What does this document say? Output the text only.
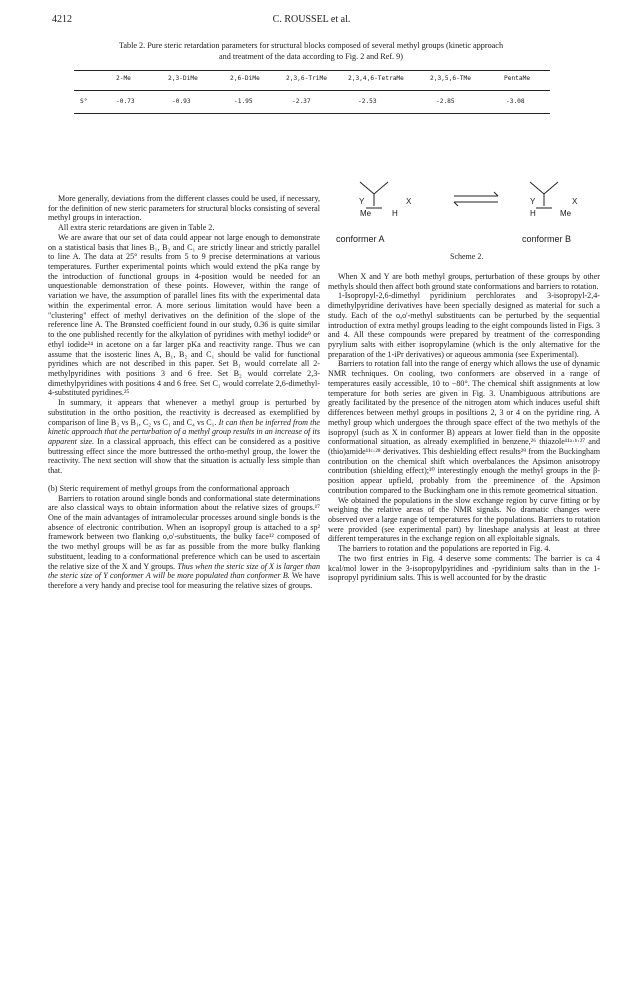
4212	C. ROUSSEL et al.
Table 2. Pure steric retardation parameters for structural blocks composed of several methyl groups (kinetic approach
and treatment of the data according to Fig. 2 and Ref. 9)
2-Me	2,3-DiMe	2,6-DiMe	2,3,6-TriMe	2,3,4,6-TetraMe	2,3,5,6-TMe	PentaMe
S°	-0.73	-0.93	-1.95	-2.37	-2.53	-2.85	-3.08
Y	X
Me	H
Y	X
H	Me
conformer A	conformer B
Scheme 2.

More generally, deviations from the different classes could be used, if necessary, for the definition of new steric parameters for structural blocks consisting of several methyl groups in interaction.

All extra steric retardations are given in Table 2.

We are aware that our set of data could appear not large enough to demonstrate on a statistical basis that lines B₁, B₂ and C₁ are strictly linear and strictly parallel to line A. The data at 25° results from 5 to 9 precise determinations at various temperatures. Further experimental points which would extend the pKa range by the introduction of functional groups in 4-position would be needed for an unquestionable demonstration of these points. However, within the range of variation we have, the assumption of parallel lines fits with the experimental data within the experimental error. A more serious limitation would have been a "clustering" effect of methyl derivatives on the definition of the slope of the reference line A. The Brønsted coefficient found in our study, 0.36 is quite similar to the one published recently for the alkylation of pyridines with methyl iodide⁹ or ethyl iodide²⁴ in acetone on a far larger pKa and reactivity range. Thus we can assume that the isosteric lines A, B₁, B₂ and C₁ should be valid for functional pyridines which are not described in this paper. Set B₁ would correlate all 2-methylpyridines with positions 3 and 6 free. Set B₂ would correlate 2,3-dimethylpyridines with positions 4 and 6 free. Set C₁ would correlate 2,6-dimethyl-4-substituted pyridines.²⁵

In summary, it appears that whenever a methyl group is perturbed by substitution in the ortho position, the reactivity is decreased as exemplified by comparison of line B₂ vs B₁, C₂ vs C₁ and C₄ vs C₁. It can then be inferred from the kinetic approach that the perturbation of a methyl group results in an increase of its apparent size. In a classical approach, this effect can be considered as a positive buttressing effect since the more buttressed the ortho-methyl group, the lower the reactivity. The next section will show that the situation is actually less simple than that.

(b) Steric requirement of methyl groups from the conformational approach

Barriers to rotation around single bonds and conformational state determinations are also classical ways to obtain information about the relative sizes of groups.¹⁷ One of the main advantages of intramolecular processes around single bonds is the absence of electronic contribution. When an isopropyl group is attached to a sp² framework between two flanking o,o'-substituents, the bulky face¹² composed of the two methyl groups will be as far as possible from the more bulky flanking substituent, leading to a conformational preference which can be used to ascertain the relative size of the X and Y groups. Thus when the steric size of X is larger than the steric size of Y conformer A will be more populated than conformer B. We have therefore a very handy and precise tool for measuring the relative sizes of groups.

When X and Y are both methyl groups, perturbation of these groups by other methyls should then affect both ground state conformations and barriers to rotation.

1-Isopropyl-2,6-dimethyl pyridinium perchlorates and 3-isopropyl-2,4-dimethylpyridine derivatives have been specially designed as material for such a study. Each of the o,o'-methyl substituents can be perturbed by the sequential introduction of extra methyl groups leading to the eight compounds listed in Figs. 3 and 4. All these compounds were prepared by treatment of the corresponding pyrylium salts with either isopropylamine (which is the only alternative for the preparation of the 1-iPr derivatives) or aqueous ammonia (see Experimental).

Barriers to rotation fall into the range of energy which allows the use of dynamic NMR techniques. On cooling, two conformers are observed in a range of temperatures easily accessible, 10 to −80°. The chemical shift assignments at low temperature for both series are given in Fig. 3. Unambiguous attributions are greatly facilitated by the presence of the nitrogen atom which induces useful shift differences between methyl groups in posiltions 2, 3 or 4 on the pyridine ring. A methyl group which undergoes the through space effect of the two methyls of the isopropyl (such as X in conformer B) appears at lower field than in the opposite conformational situation, as already exemplified in benzene,²⁶ thiazole¹¹ᵃ·ᵇ·²⁷ and (thio)amide¹¹ᶜ·²⁸ derivatives. This deshielding effect results²⁹ from the Buckingham contribution on the chemical shift which overbalances the Apsimon anisotropy contribution (shielding effect);³⁰ interestingly enough the methyl groups in the β-position appear upfield, probably from the preeminence of the Apsimon contribution compared to the Buckingham one in this remote geometrical situation.

We obtained the populations in the slow exchange region by curve fitting or by weighing the relative areas of the NMR signals. No dramatic changes were observed over a large range of temperatures for the populations. Barriers to rotation were provided (see experimental part) by lineshape analysis at least at three different temperatures in the exchange region on all exploitable signals.

The barriers to rotation and the populations are reported in Fig. 4.

The two first entries in Fig. 4 deserve some comments: The barrier is ca 4 kcal/mol lower in the 3-isopropylpyridines and -pyridinium salts than in the 1-isopropyl pyridinium salts. This is well accounted for by the drastic
